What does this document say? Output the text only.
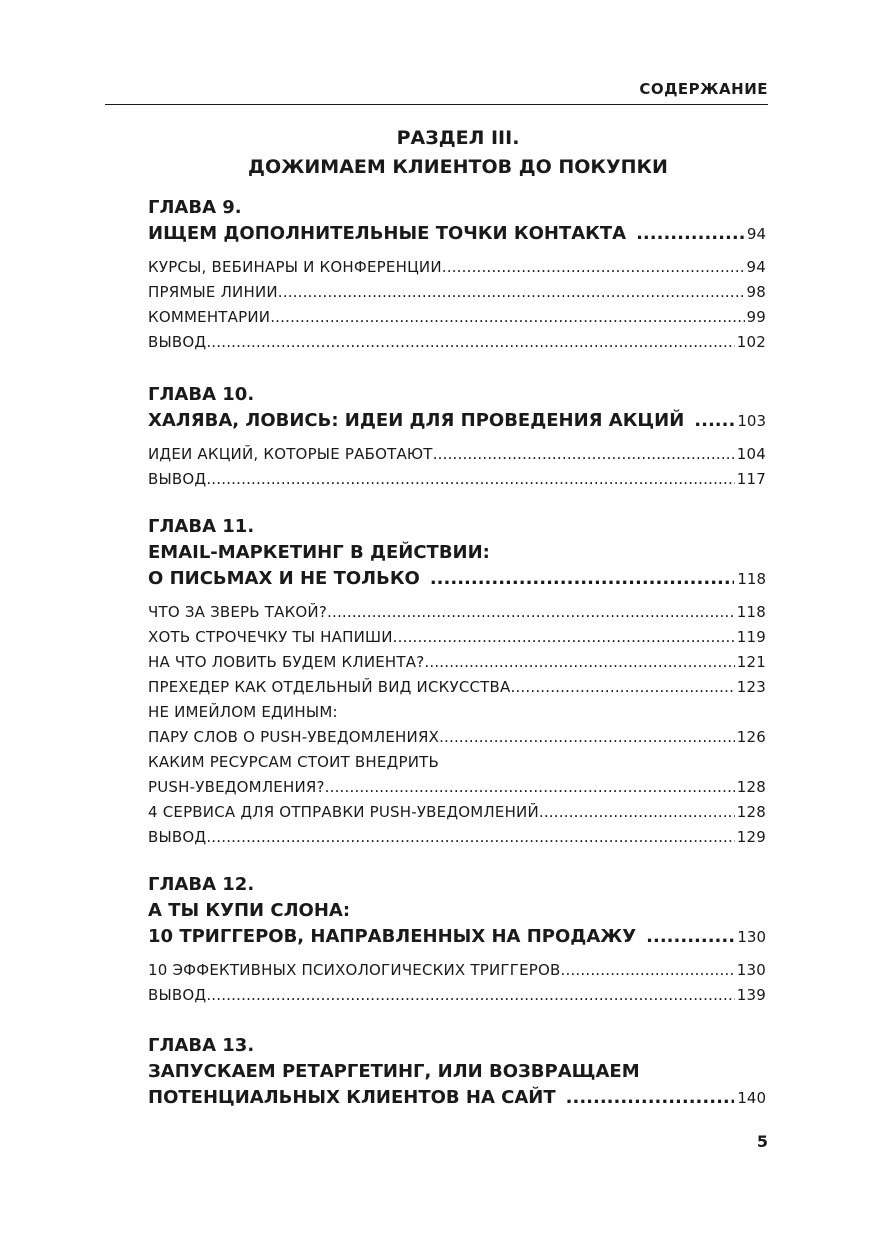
СОДЕРЖАНИЕ
РАЗДЕЛ III.
ДОЖИМАЕМ КЛИЕНТОВ ДО ПОКУПКИ
ГЛАВА 9.
ИЩЕМ ДОПОЛНИТЕЛЬНЫЕ ТОЧКИ КОНТАКТА .....	94
КУРСЫ, ВЕБИНАРЫ И КОНФЕРЕНЦИИ .....	94
ПРЯМЫЕ ЛИНИИ .....	98
КОММЕНТАРИИ .....	99
ВЫВОД .....	102
ГЛАВА 10.
ХАЛЯВА, ЛОВИСЬ: ИДЕИ ДЛЯ ПРОВЕДЕНИЯ АКЦИЙ .....	103
ИДЕИ АКЦИЙ, КОТОРЫЕ РАБОТАЮТ .....	104
ВЫВОД .....	117
ГЛАВА 11.
EMAIL-МАРКЕТИНГ В ДЕЙСТВИИ:
О ПИСЬМАХ И НЕ ТОЛЬКО .....	118
ЧТО ЗА ЗВЕРЬ ТАКОЙ? .....	118
ХОТЬ СТРОЧЕЧКУ ТЫ НАПИШИ .....	119
НА ЧТО ЛОВИТЬ БУДЕМ КЛИЕНТА? .....	121
ПРЕХЕДЕР КАК ОТДЕЛЬНЫЙ ВИД ИСКУССТВА .....	123
НЕ ИМЕЙЛОМ ЕДИНЫМ:
ПАРУ СЛОВ О PUSH-УВЕДОМЛЕНИЯХ .....	126
КАКИМ РЕСУРСАМ СТОИТ ВНЕДРИТЬ
PUSH-УВЕДОМЛЕНИЯ? .....	128
4 СЕРВИСА ДЛЯ ОТПРАВКИ PUSH-УВЕДОМЛЕНИЙ .....	128
ВЫВОД .....	129
ГЛАВА 12.
А ТЫ КУПИ СЛОНА:
10 ТРИГГЕРОВ, НАПРАВЛЕННЫХ НА ПРОДАЖУ .....	130
10 ЭФФЕКТИВНЫХ ПСИХОЛОГИЧЕСКИХ ТРИГГЕРОВ .....	130
ВЫВОД .....	139
ГЛАВА 13.
ЗАПУСКАЕМ РЕТАРГЕТИНГ, ИЛИ ВОЗВРАЩАЕМ
ПОТЕНЦИАЛЬНЫХ КЛИЕНТОВ НА САЙТ .....	140
5
